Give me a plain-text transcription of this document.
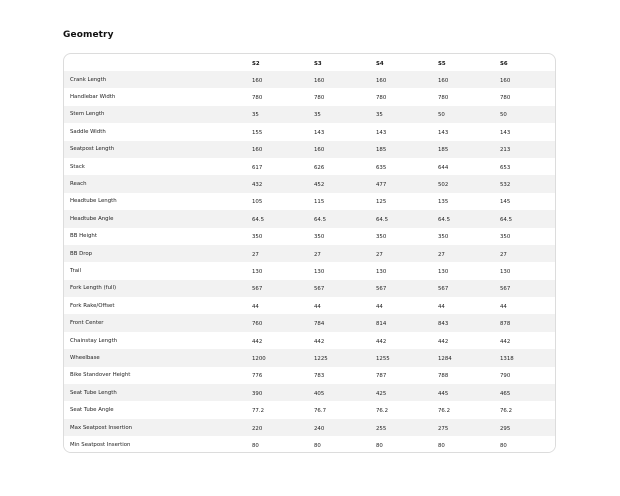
Geometry
	S2	S3	S4	S5	S6
Crank Length	160	160	160	160	160
Handlebar Width	780	780	780	780	780
Stem Length	35	35	35	50	50
Saddle Width	155	143	143	143	143
Seatpost Length	160	160	185	185	213
Stack	617	626	635	644	653
Reach	432	452	477	502	532
Headtube Length	105	115	125	135	145
Headtube Angle	64.5	64.5	64.5	64.5	64.5
BB Height	350	350	350	350	350
BB Drop	27	27	27	27	27
Trail	130	130	130	130	130
Fork Length (full)	567	567	567	567	567
Fork Rake/Offset	44	44	44	44	44
Front Center	760	784	814	843	878
Chainstay Length	442	442	442	442	442
Wheelbase	1200	1225	1255	1284	1318
Bike Standover Height	776	783	787	788	790
Seat Tube Length	390	405	425	445	465
Seat Tube Angle	77.2	76.7	76.2	76.2	76.2
Max Seatpost Insertion	220	240	255	275	295
Min Seatpost Insertion	80	80	80	80	80
